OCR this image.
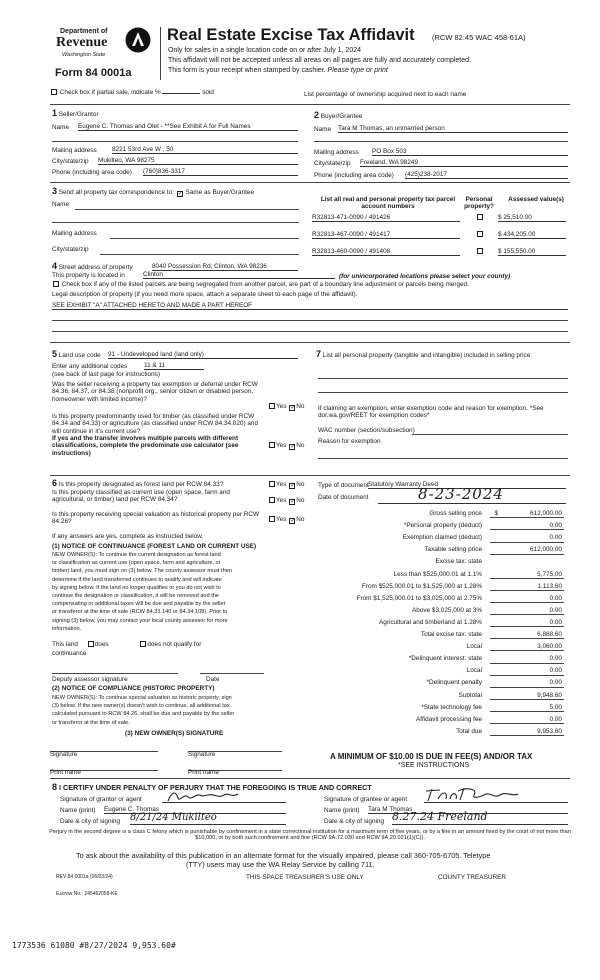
Department of
Revenue
Washington State
Form 84 0001a
Real Estate Excise Tax Affidavit (RCW 82.45 WAC 458-61A)
Only for sales in a single location code on or after July 1, 2024
This affidavit will not be accepted unless all areas on all pages are fully and accurately completed.
This form is your receipt when stamped by cashier. Please type or print
Check box if partial sale, indicate %	sold	List percentage of ownership acquired next to each name
1 Seller/Grantor
Name Eugene C. Thomas and Olet - **See Exhibit A for Full Names
Mailing address 8221 53rd Ave W , 50
City/state/zip Mukilteo, WA 98275
Phone (including area code) (760)836-3317
2 Buyer/Grantee
Name Tara M Thomas, an unmarried person
Mailing address PO Box 503
City/state/zip Freeland, WA 98249
Phone (including area code) (425)238-2017
3 Send all property tax correspondence to: ✓ Same as Buyer/Grantee
Name
Mailing address
City/state/zip
List all real and personal property tax parcel account numbers
Personal property?
Assessed value(s)
R32813-471-0090 / 491426	$ 25,510.00
R32813-467-0090 / 491417	$ 434,205.00
R32813-460-0090 / 491408	$ 155,550.00
4 Street address of property	8040 Possession Rd, Clinton, WA 98236
This property is located in	Clinton	(for unincorporated locations please select your county)
Check box if any of the listed parcels are being segregated from another parcel, are part of a boundary line adjustment or parcels being merged.
Legal description of property (if you need more space, attach a separate sheet to each page of the affidavit).
SEE EXHIBIT "A" ATTACHED HERETO AND MADE A PART HEREOF
5 Land use code 91 - Undeveloped land (land only)
Enter any additional codes	11 & 11
(see back of last page for instructions)
Was the seller receiving a property tax exemption or deferral under RCW 84.36, 84.37, or 84.38 (nonprofit org., senior citizen or disabled person, homeowner with limited income)?
Yes ✓No
Is this property predominantly used for timber (as classified under RCW 84.34 and 84.33) or agriculture (as classified under RCW 84.34.020) and will continue in it's current use?
If yes and the transfer involves multiple parcels with different classifications, complete the predominate use calculator (see instructions)
Yes ✓No
7 List all personal property (tangible and intangible) included in selling price
If claiming an exemption, enter exemption code and reason for exemption. *See dor.wa.gov/REET for exemption codes*
WAC number (section/subsection)
Reason for exemption
6 Is this property designated as forest land per RCW 84.33?	Yes ✓No
Is this property classified as current use (open space, farm and agricultural, or timber) land per RCW 84.34?	Yes ✓No
Is this property receiving special valuation as historical property per RCW 84.26?	Yes ✓No
If any answers are yes, complete as instructed below.
(1) NOTICE OF CONTINUANCE (FOREST LAND OR CURRENT USE)
NEW OWNER(S): To continue the current designation as forest land
or classification as current use (open space, farm and agriculture, or
timber) land, you must sign on (3) below. The county assessor must then
determine if the land transferred continues to qualify and will indicate
by signing below. If the land no longer qualifies or you do not wish to
continue the designation or classification, it will be removed and the
compensating or additional taxes will be due and payable by the seller
or transferor at the time of sale (RCW 84.33.140 or 84.34.108). Prior to
signing (3) below, you may contact your local county assessor for more
information.
This land	does	does not qualify for
continuance
Deputy assessor signature	Date
(2) NOTICE OF COMPLIANCE (HISTORIC PROPERTY)
NEW OWNER(S): To continue special valuation as historic property, sign
(3) below. If the new owner(s) doesn't wish to continue, all additional tax
calculated pursuant to RCW 84.26, shall be due and payable by the seller
or transferor at the time of sale.
(3) NEW OWNER(S) SIGNATURE
Signature	Signature
Print name	Print name
Type of document Statutory Warranty Deed
Date of document	8-23-2024
Gross selling price	612,000.00
$
*Personal property (deduct)	0.00
Exemption claimed (deduct)	0.00
Taxable selling price	612,000.00
Excise tax: state
Less than $525,000.01 at 1.1%	5,775.00
From $525,000.01 to $1,525,000 at 1.28%	1,113.60
From $1,525,000.01 to $3,025,000 at 2.75%	0.00
Above $3,025,000 at 3%	0.00
Agricultural and timberland at 1.28%	0.00
Total excise tax: state	6,888.60
Local	3,060.00
*Delinquent interest: state	0.00
Local	0.00
*Delinquent penalty	0.00
Subtotal	9,948.60
*State technology fee	5.00
Affidavit processing fee	0.00
Total due	9,953.60
A MINIMUM OF $10.00 IS DUE IN FEE(S) AND/OR TAX
*SEE INSTRUCTIONS
8 I CERTIFY UNDER PENALTY OF PERJURY THAT THE FOREGOING IS TRUE AND CORRECT
Signature of grantor or agent
Name (print) Eugene C. Thomas
Date & city of signing 8/21/24 Mukilteo
Signature of grantee or agent
Name (print) Tara M Thomas
Date & city of signing 8.27.24 Freeland
Perjury in the second degree is a class C felony which is punishable by confinement in a state correctional institution for a maximum term of five years, or by a fine in an amount fixed by the court of not more than $10,000, or by both such confinement and fine (RCW 9A.72.030 and RCW 9A.20.021(1)(C)).
To ask about the availability of this publication in an alternate format for the visually impaired, please call 360-705-6705. Teletype
(TTY) users may use the WA Relay Service by calling 711.
REV 84 0001a (06/03/24)	THIS SPACE TREASURER'S USE ONLY	COUNTY TREASURER
Escrow No.: 245462058-KE
1773536 61080 #8/27/2024 9,953.60#
